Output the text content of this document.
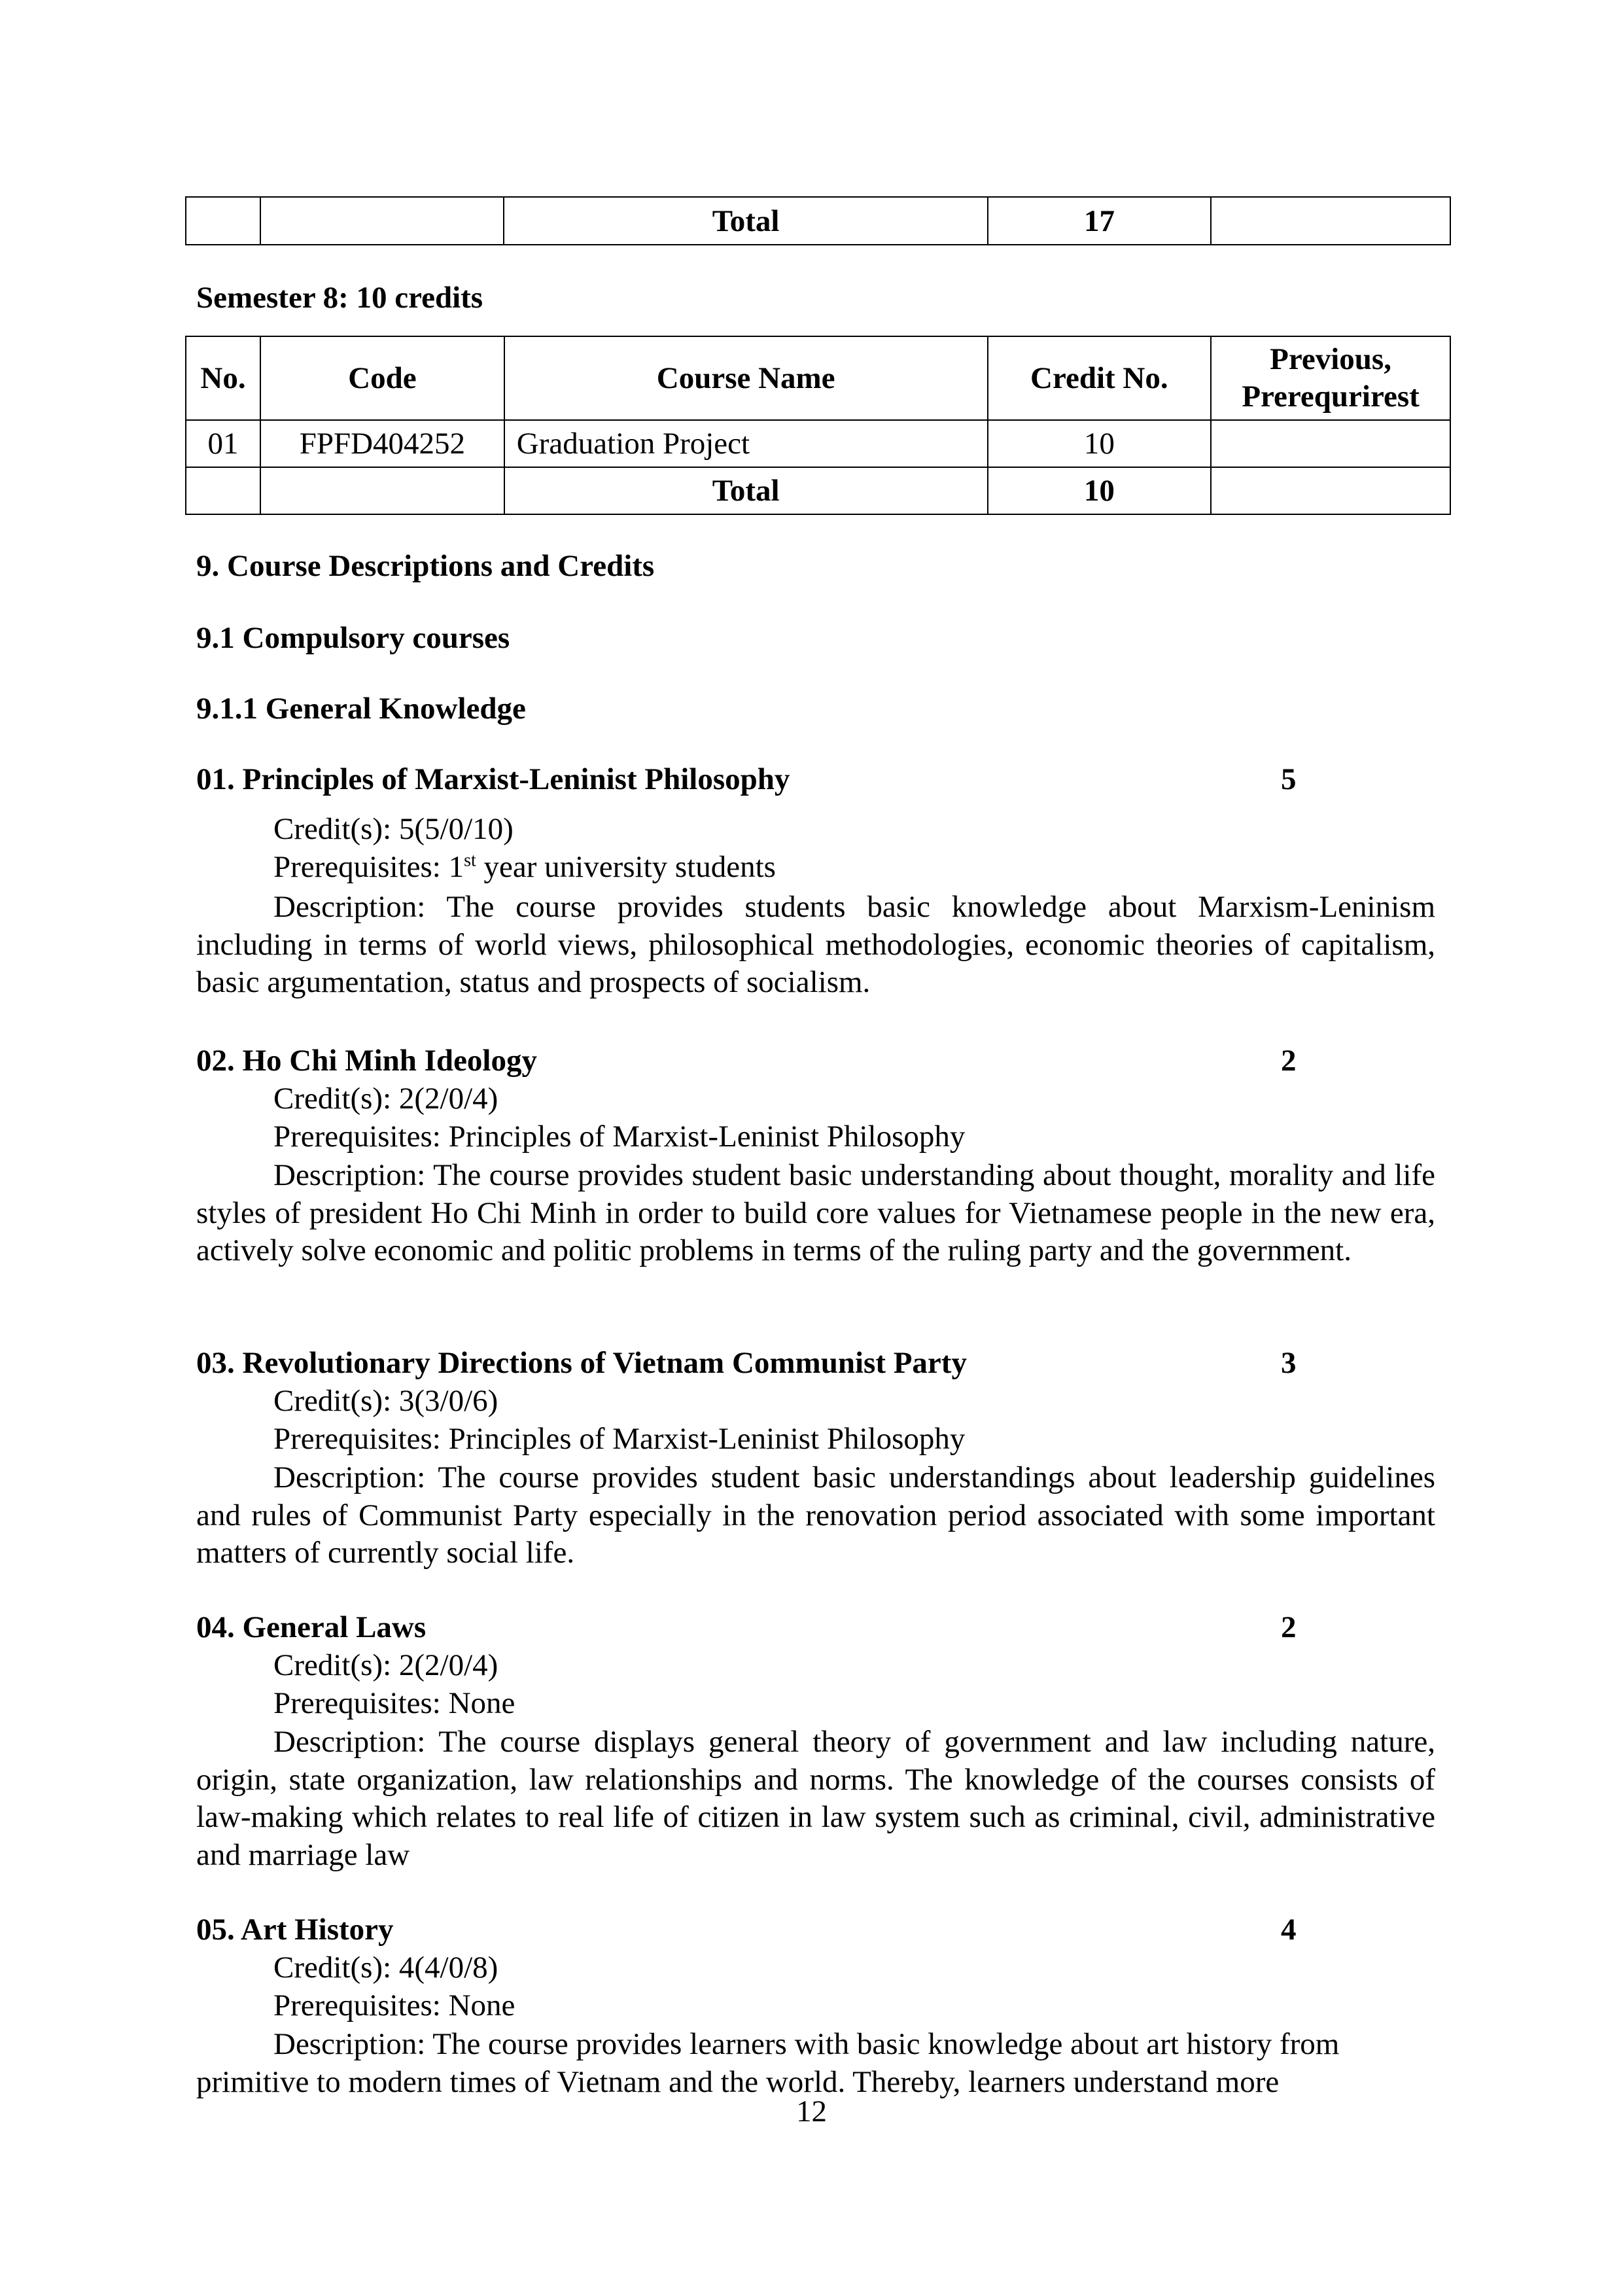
		Total	17	
Semester 8: 10 credits
No.	Code	Course Name	Credit No.	Previous,
Prerequrirest

01	FPFD404252	Graduation Project	10	
		Total	10	
9. Course Descriptions and Credits
9.1 Compulsory courses
9.1.1 General Knowledge
01. Principles of Marxist-Leninist Philosophy	5
Credit(s): 5(5/0/10)
Prerequisites: 1st year university students
Description: The course provides students basic knowledge about Marxism-Leninism including in terms of world views, philosophical methodologies, economic theories of capitalism, basic argumentation, status and prospects of socialism.
02. Ho Chi Minh Ideology	2
Credit(s): 2(2/0/4)
Prerequisites: Principles of Marxist-Leninist Philosophy
Description: The course provides student basic understanding about thought, morality and life styles of president Ho Chi Minh in order to build core values for Vietnamese people in the new era, actively solve economic and politic problems in terms of the ruling party and the government.
03. Revolutionary Directions of Vietnam Communist Party	3
Credit(s): 3(3/0/6)
Prerequisites: Principles of Marxist-Leninist Philosophy
Description: The course provides student basic understandings about leadership guidelines and rules of Communist Party especially in the renovation period associated with some important matters of currently social life.
04. General Laws	2
Credit(s): 2(2/0/4)
Prerequisites: None
Description: The course displays general theory of government and law including nature, origin, state organization, law relationships and norms. The knowledge of the courses consists of law-making which relates to real life of citizen in law system such as criminal, civil, administrative and marriage law
05. Art History	4
Credit(s): 4(4/0/8)
Prerequisites: None
Description: The course provides learners with basic knowledge about art history from primitive to modern times of Vietnam and the world. Thereby, learners understand more
12
